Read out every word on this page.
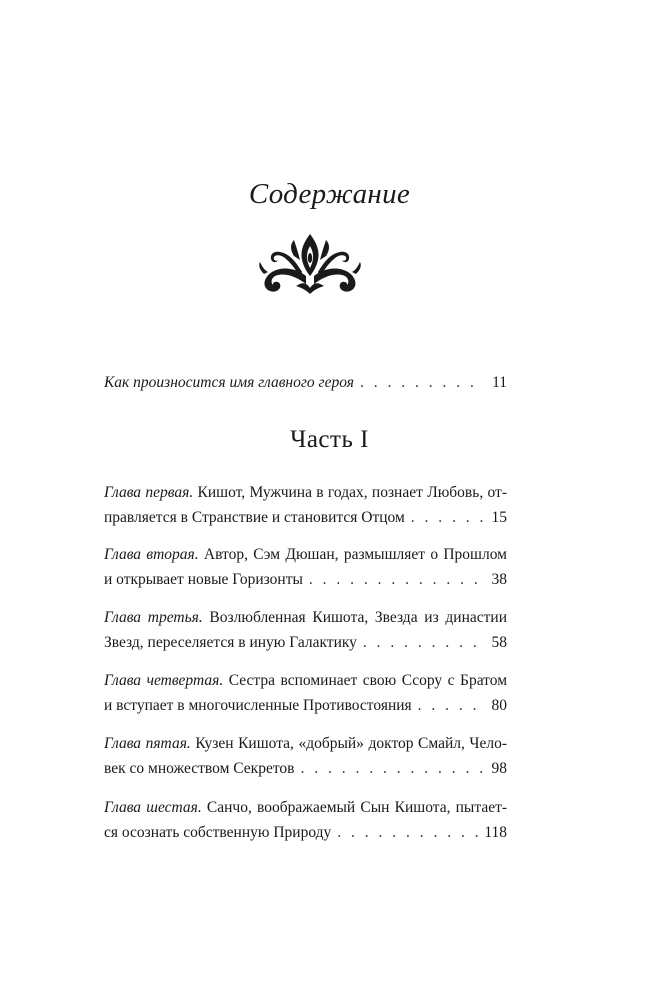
Содержание
Как произносится имя главного героя . . .	11
Часть I
Глава первая. Кишот, Мужчина в годах, познает Любовь, от-
правляется в Странствие и становится Отцом . . .	15
Глава вторая. Автор, Сэм Дюшан, размышляет о Прошлом
и открывает новые Горизонты . . .	38
Глава третья. Возлюбленная Кишота, Звезда из династии
Звезд, переселяется в иную Галактику . . .	58
Глава четвертая. Сестра вспоминает свою Ссору с Братом
и вступает в многочисленные Противостояния . . .	80
Глава пятая. Кузен Кишота, «добрый» доктор Смайл, Чело-
век со множеством Секретов . . .	98
Глава шестая. Санчо, воображаемый Сын Кишота, пытает-
ся осознать собственную Природу . . .	118
